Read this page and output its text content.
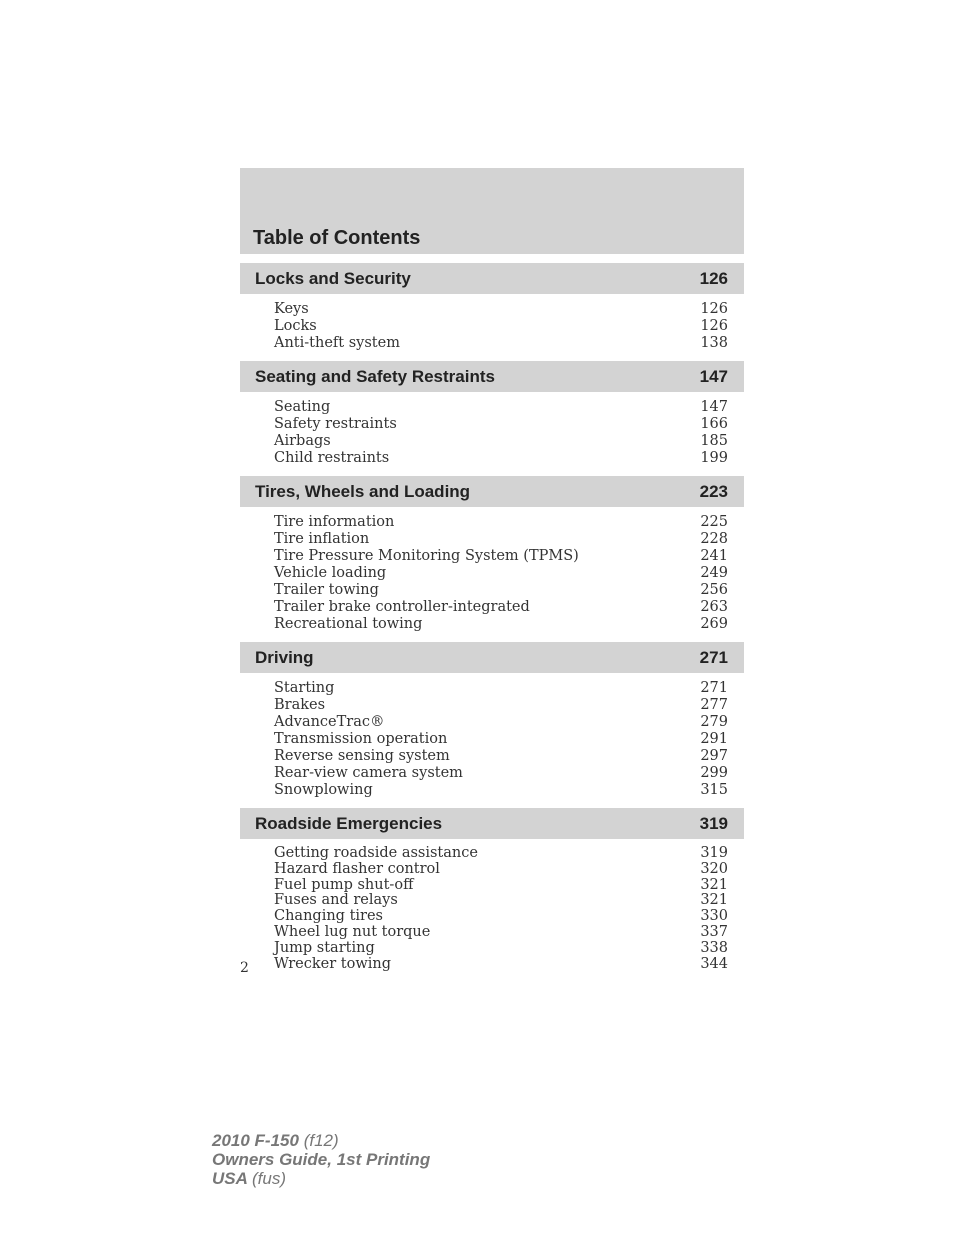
Table of Contents
Locks and Security	126
Keys	126
Locks	126
Anti-theft system	138
Seating and Safety Restraints	147
Seating	147
Safety restraints	166
Airbags	185
Child restraints	199
Tires, Wheels and Loading	223
Tire information	225
Tire inflation	228
Tire Pressure Monitoring System (TPMS)	241
Vehicle loading	249
Trailer towing	256
Trailer brake controller-integrated	263
Recreational towing	269
Driving	271
Starting	271
Brakes	277
AdvanceTrac®	279
Transmission operation	291
Reverse sensing system	297
Rear-view camera system	299
Snowplowing	315
Roadside Emergencies	319
Getting roadside assistance	319
Hazard flasher control	320
Fuel pump shut-off	321
Fuses and relays	321
Changing tires	330
Wheel lug nut torque	337
Jump starting	338
Wrecker towing	344
2
2010 F-150 (f12)
Owners Guide, 1st Printing
USA (fus)
